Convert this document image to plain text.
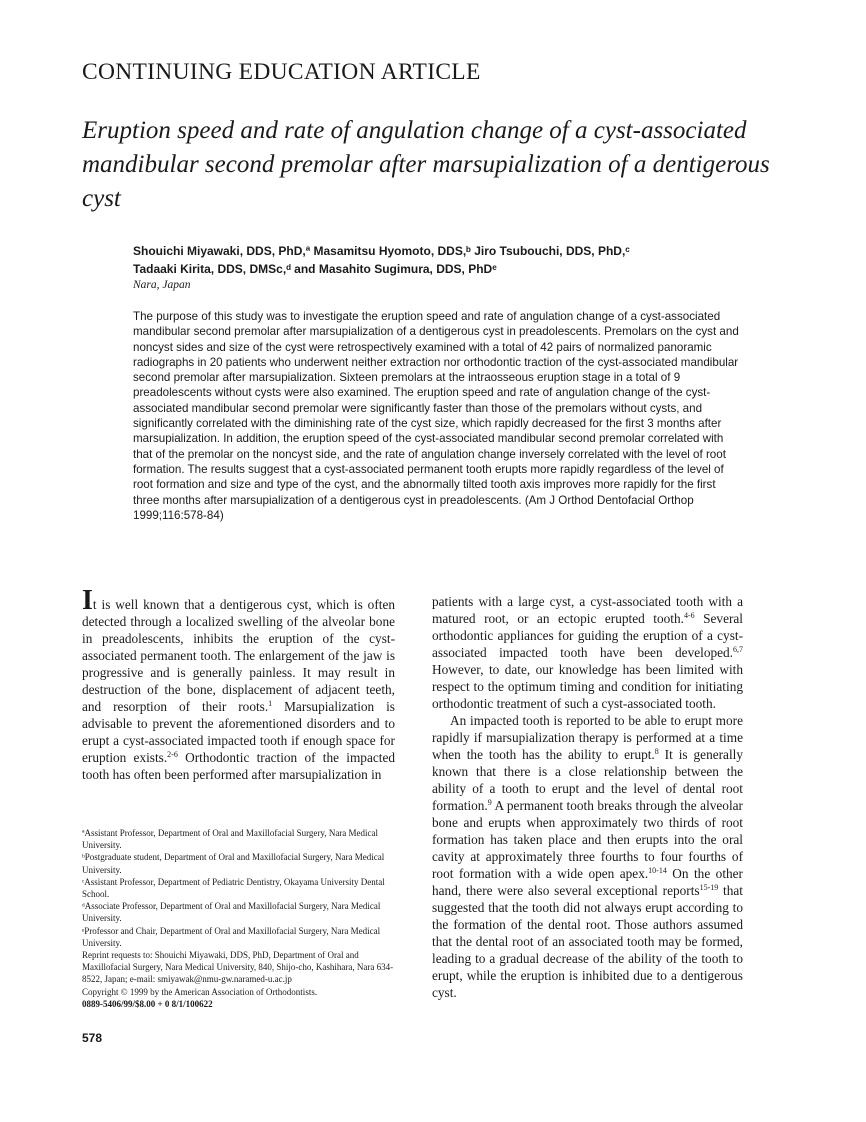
CONTINUING EDUCATION ARTICLE
Eruption speed and rate of angulation change of a cyst-associated mandibular second premolar after marsupialization of a dentigerous cyst
Shouichi Miyawaki, DDS, PhD,ª Masamitsu Hyomoto, DDS,ᵇ Jiro Tsubouchi, DDS, PhD,ᶜ
Tadaaki Kirita, DDS, DMSc,ᵈ and Masahito Sugimura, DDS, PhDᵉ
Nara, Japan
The purpose of this study was to investigate the eruption speed and rate of angulation change of a cyst-associated mandibular second premolar after marsupialization of a dentigerous cyst in preadolescents. Premolars on the cyst and noncyst sides and size of the cyst were retrospectively examined with a total of 42 pairs of normalized panoramic radiographs in 20 patients who underwent neither extraction nor orthodontic traction of the cyst-associated mandibular second premolar after marsupialization. Sixteen premolars at the intraosseous eruption stage in a total of 9 preadolescents without cysts were also examined. The eruption speed and rate of angulation change of the cyst-associated mandibular second premolar were significantly faster than those of the premolars without cysts, and significantly correlated with the diminishing rate of the cyst size, which rapidly decreased for the first 3 months after marsupialization. In addition, the eruption speed of the cyst-associated mandibular second premolar correlated with that of the premolar on the noncyst side, and the rate of angulation change inversely correlated with the level of root formation. The results suggest that a cyst-associated permanent tooth erupts more rapidly regardless of the level of root formation and size and type of the cyst, and the abnormally tilted tooth axis improves more rapidly for the first three months after marsupialization of a dentigerous cyst in preadolescents. (Am J Orthod Dentofacial Orthop 1999;116:578-84)

It is well known that a dentigerous cyst, which is often detected through a localized swelling of the alveolar bone in preadolescents, inhibits the eruption of the cyst-associated permanent tooth. The enlargement of the jaw is progressive and is generally painless. It may result in destruction of the bone, displacement of adjacent teeth, and resorption of their roots.$^1$ Marsupialization is advisable to prevent the aforementioned disorders and to erupt a cyst-associated impacted tooth if enough space for eruption exists.$^{2-6}$ Orthodontic traction of the impacted tooth has often been performed after marsupialization in

ªAssistant Professor, Department of Oral and Maxillofacial Surgery, Nara Medical University.
ᵇPostgraduate student, Department of Oral and Maxillofacial Surgery, Nara Medical University.
ᶜAssistant Professor, Department of Pediatric Dentistry, Okayama University Dental School.
ᵈAssociate Professor, Department of Oral and Maxillofacial Surgery, Nara Medical University.
ᵉProfessor and Chair, Department of Oral and Maxillofacial Surgery, Nara Medical University.
Reprint requests to: Shouichi Miyawaki, DDS, PhD, Department of Oral and Maxillofacial Surgery, Nara Medical University, 840, Shijo-cho, Kashihara, Nara 634-8522, Japan; e-mail: smiyawak@nmu-gw.naramed-u.ac.jp
Copyright © 1999 by the American Association of Orthodontists.
0889-5406/99/$8.00 + 0 8/1/100622

patients with a large cyst, a cyst-associated tooth with a matured root, or an ectopic erupted tooth.$^{4-6}$ Several orthodontic appliances for guiding the eruption of a cyst-associated impacted tooth have been developed.$^{6,7}$ However, to date, our knowledge has been limited with respect to the optimum timing and condition for initiating orthodontic treatment of such a cyst-associated tooth.

An impacted tooth is reported to be able to erupt more rapidly if marsupialization therapy is performed at a time when the tooth has the ability to erupt.$^8$ It is generally known that there is a close relationship between the ability of a tooth to erupt and the level of dental root formation.$^9$ A permanent tooth breaks through the alveolar bone and erupts when approximately two thirds of root formation has taken place and then erupts into the oral cavity at approximately three fourths to four fourths of root formation with a wide open apex.$^{10-14}$ On the other hand, there were also several exceptional reports$^{15-19}$ that suggested that the tooth did not always erupt according to the formation of the dental root. Those authors assumed that the dental root of an associated tooth may be formed, leading to a gradual decrease of the ability of the tooth to erupt, while the eruption is inhibited due to a dentigerous cyst.

578
